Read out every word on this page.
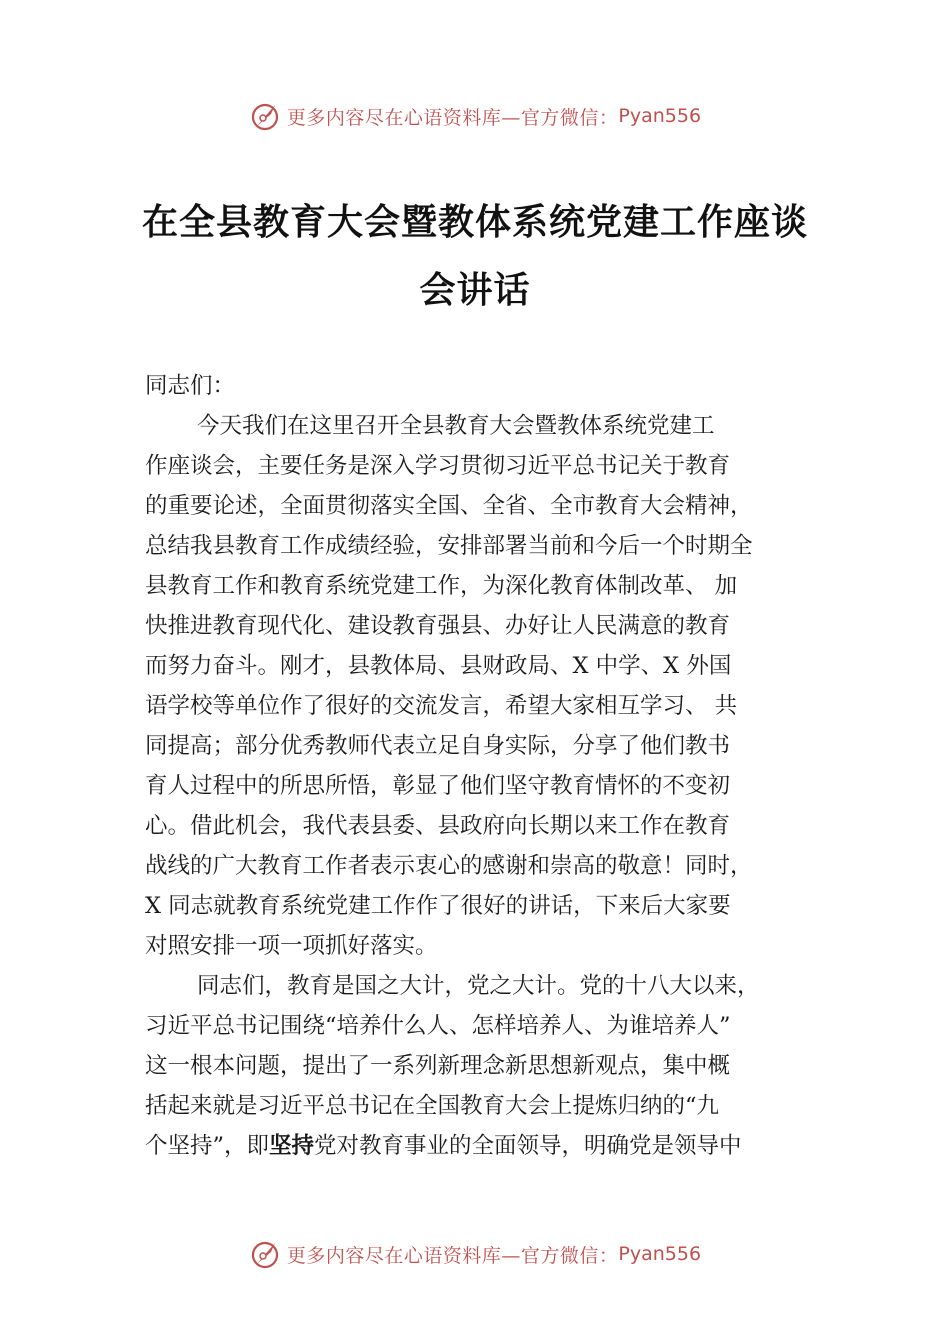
更多内容尽在心语资料库—官方微信： Pyan556
在全县教育大会暨教体系统党建工作座谈
会讲话
同志们：
今天我们在这里召开全县教育大会暨教体系统党建工
作座谈会，主要任务是深入学习贯彻习近平总书记关于教育
的重要论述，全面贯彻落实全国、全省、全市教育大会精神，
总结我县教育工作成绩经验，安排部署当前和今后一个时期全
县教育工作和教育系统党建工作，为深化教育体制改革、 加
快推进教育现代化、建设教育强县、办好让人民满意的教育
而努力奋斗。刚才，县教体局、县财政局、X 中学、X 外国
语学校等单位作了很好的交流发言，希望大家相互学习、 共
同提高；部分优秀教师代表立足自身实际，分享了他们教书
育人过程中的所思所悟，彰显了他们坚守教育情怀的不变初
心。借此机会，我代表县委、县政府向长期以来工作在教育
战线的广大教育工作者表示衷心的感谢和崇高的敬意！同时，
X 同志就教育系统党建工作作了很好的讲话，下来后大家要
对照安排一项一项抓好落实。
同志们，教育是国之大计，党之大计。党的十八大以来，
习近平总书记围绕“培养什么人、怎样培养人、为谁培养人”
这一根本问题，提出了一系列新理念新思想新观点，集中概
括起来就是习近平总书记在全国教育大会上提炼归纳的“九
个坚持”，即坚持党对教育事业的全面领导，明确党是领导中
更多内容尽在心语资料库—官方微信： Pyan556
